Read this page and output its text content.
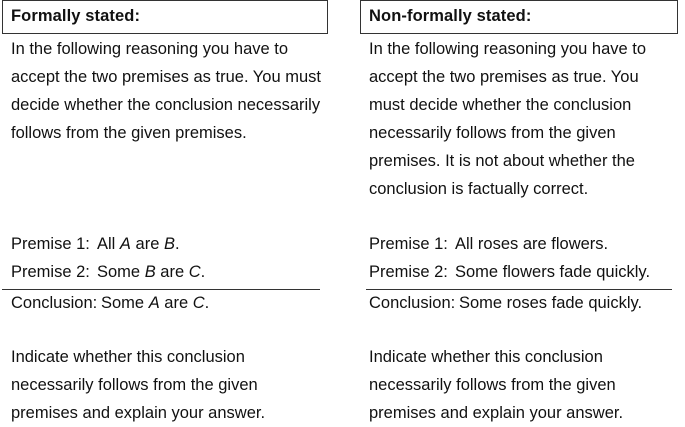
Formally stated:

In the following reasoning you have to accept the two premises as true. You must decide whether the conclusion necessarily follows from the given premises.

Premise 1: All A are B.
Premise 2: Some B are C.
Conclusion: Some A are C.

Indicate whether this conclusion necessarily follows from the given premises and explain your answer.

Non-formally stated:

In the following reasoning you have to accept the two premises as true. You must decide whether the conclusion necessarily follows from the given premises. It is not about whether the conclusion is factually correct.

Premise 1: All roses are flowers.
Premise 2: Some flowers fade quickly.
Conclusion: Some roses fade quickly.

Indicate whether this conclusion necessarily follows from the given premises and explain your answer.
